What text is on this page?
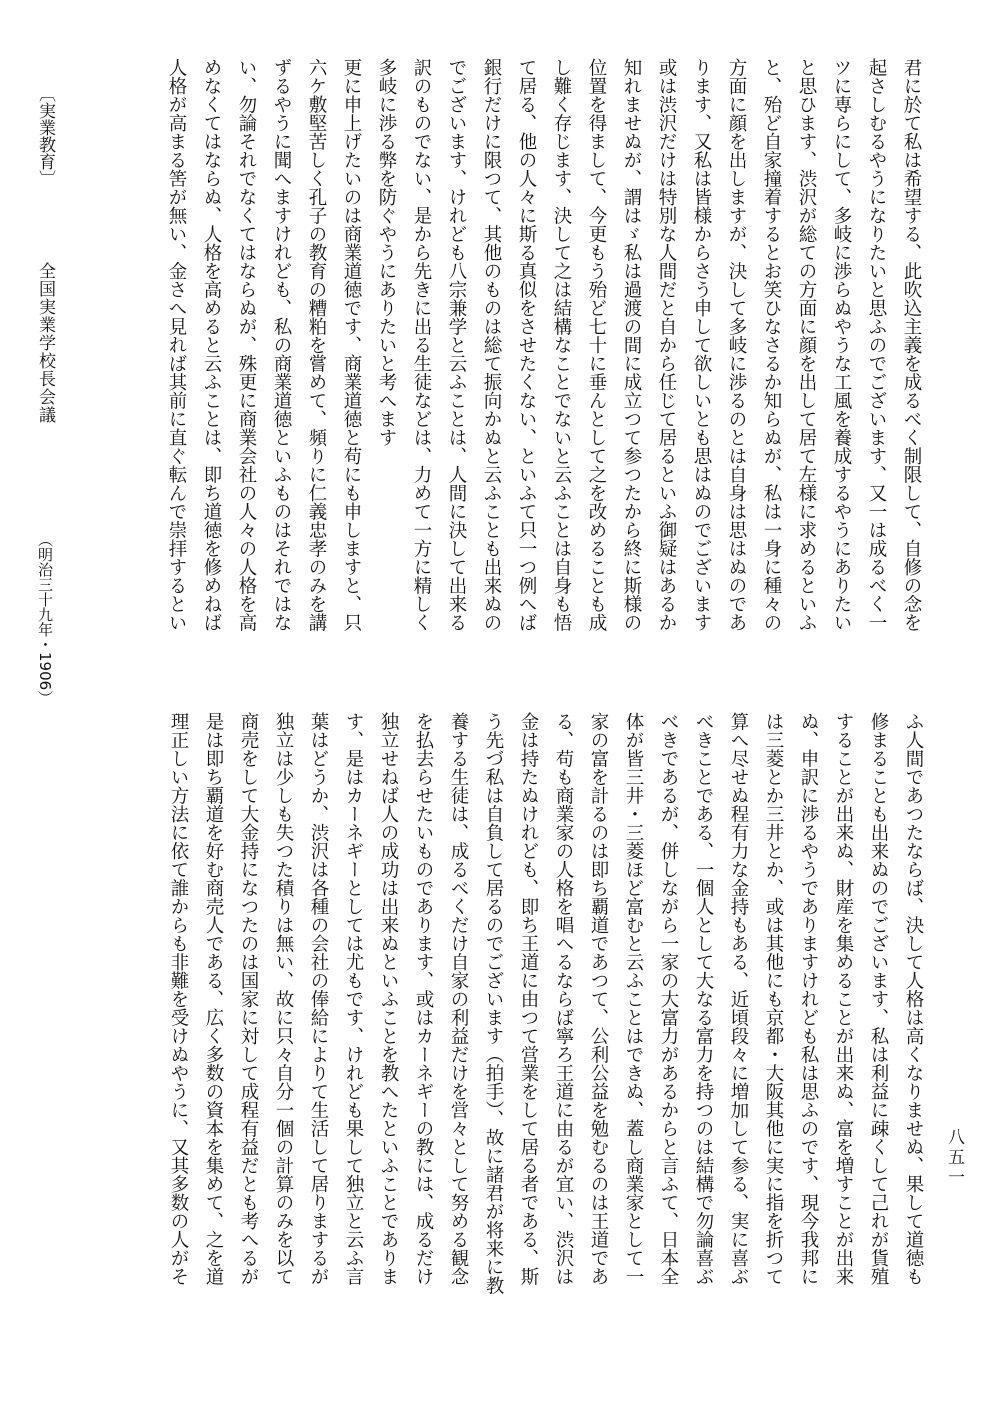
君に於て私は希望する、此吹込主義を成るべく制限して、自修の念を
起さしむるやうになりたいと思ふのでございます、又一は成るべく一
ツに専らにして、多岐に渉らぬやうな工風を養成するやうにありたい
と思ひます、渋沢が総ての方面に顔を出して居て左様に求めるといふ
と、殆ど自家撞着するとお笑ひなさるか知らぬが、私は一身に種々の
方面に顔を出しますが、決して多岐に渉るのとは自身は思はぬのであ
ります、又私は皆様からさう申して欲しいとも思はぬのでございます
或は渋沢だけは特別な人間だと自から任じて居るといふ御疑はあるか
知れませぬが、謂はゞ私は過渡の間に成立つて参つたから終に斯様の
位置を得まして、今更もう殆ど七十に垂んとして之を改めることも成
し難く存じます、決して之は結構なことでないと云ふことは自身も悟
て居る、他の人々に斯る真似をさせたくない、といふて只一つ例へば
銀行だけに限つて、其他のものは総て振向かぬと云ふことも出来ぬの
でございます、けれども八宗兼学と云ふことは、人間に決して出来る
訳のものでない、是から先きに出る生徒などは、力めて一方に精しく
多岐に渉る弊を防ぐやうにありたいと考へます
更に申上げたいのは商業道徳です、商業道徳と苟にも申しますと、只
六ケ敷堅苦しく孔子の教育の糟粕を嘗めて、頻りに仁義忠孝のみを講
ずるやうに聞へますけれども、私の商業道徳といふものはそれではな
い、勿論それでなくてはならぬが、殊更に商業会社の人々の人格を高
めなくてはならぬ、人格を高めると云ふことは、即ち道徳を修めねば
人格が高まる筈が無い、金さへ見れば其前に直ぐ転んで崇拝するとい
ふ人間であつたならば、決して人格は高くなりませぬ、果して道徳も
修まることも出来ぬのでございます、私は利益に疎くして己れが貨殖
することが出来ぬ、財産を集めることが出来ぬ、富を増すことが出来
ぬ、申訳に渉るやうでありますけれども私は思ふのです、現今我邦に
は三菱とか三井とか、或は其他にも京都・大阪其他に実に指を折つて
算へ尽せぬ程有力な金持もある、近頃段々に増加して参る、実に喜ぶ
べきことである、一個人として大なる富力を持つのは結構で勿論喜ぶ
べきであるが、併しながら一家の大富力があるからと言ふて、日本全
体が皆三井・三菱ほど富むと云ふことはできぬ、蓋し商業家として一
家の富を計るのは即ち覇道であつて、公利公益を勉むるのは王道であ
る、苟も商業家の人格を唱へるならば寧ろ王道に由るが宜い、渋沢は
金は持たぬけれども、即ち王道に由つて営業をして居る者である、斯
う先づ私は自負して居るのでございます（拍手）、故に諸君が将来に教
養する生徒は、成るべくだけ自家の利益だけを営々として努める観念
を払去らせたいものであります、或はカーネギーの教には、成るだけ
独立せねば人の成功は出来ぬといふことを教へたといふことでありま
す、是はカーネギーとしては尤もです、けれども果して独立と云ふ言
葉はどうか、渋沢は各種の会社の俸給によりて生活して居りまするが
独立は少しも失つた積りは無い、故に只々自分一個の計算のみを以て
商売をして大金持になつたのは国家に対して成程有益だとも考へるが
是は即ち覇道を好む商売人である、広く多数の資本を集めて、之を道
理正しい方法に依て誰からも非難を受けぬやうに、又其多数の人がそ
〔実業教育〕
全国実業学校長会議
（明治三十九年・1906）
八五一
